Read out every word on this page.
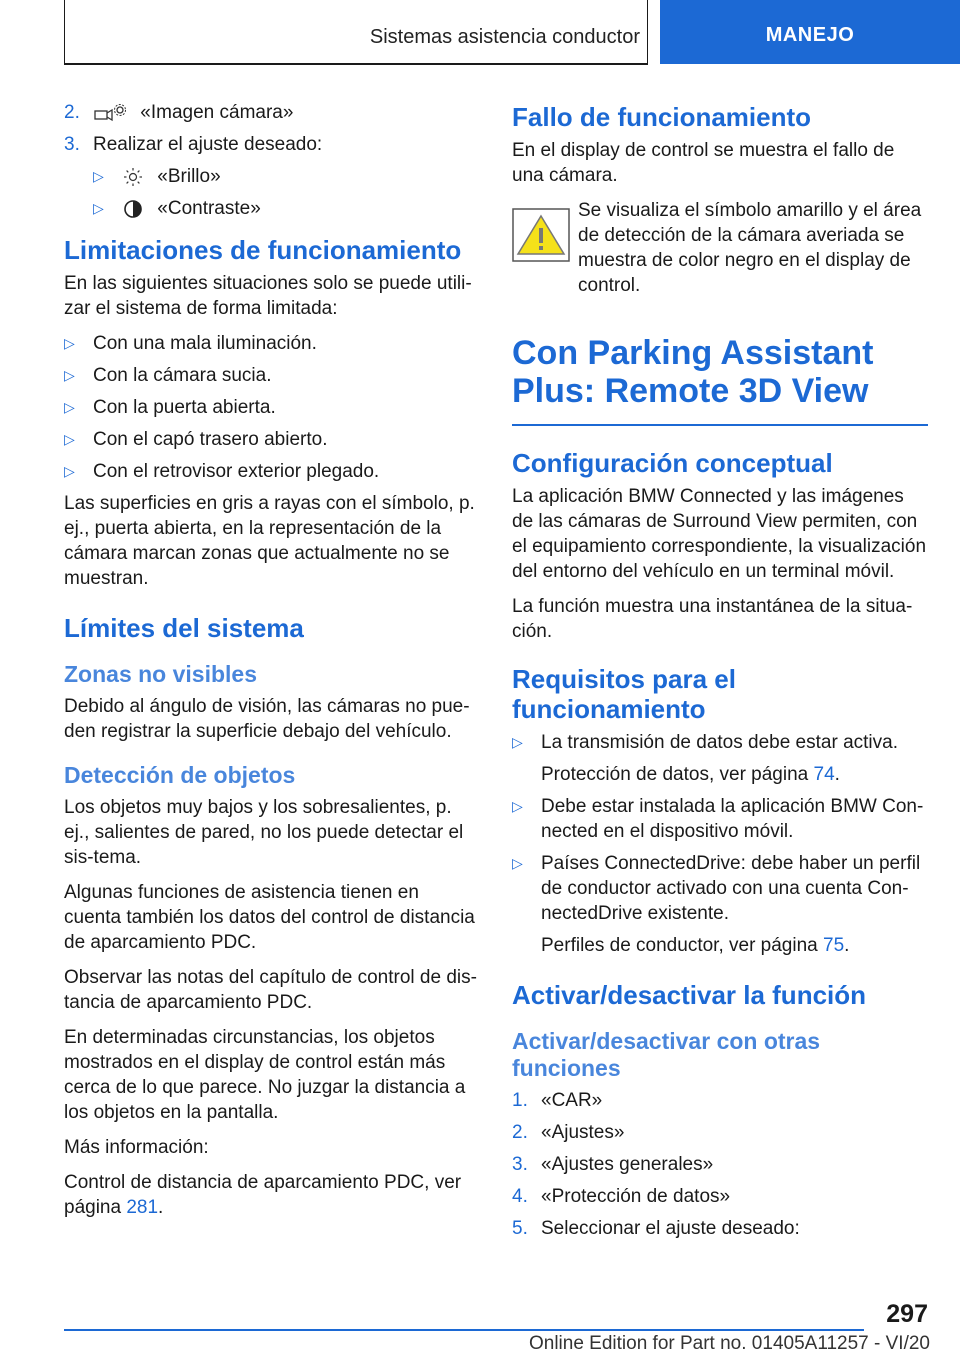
Sistemas asistencia conductor	MANEJO
2.	«Imagen cámara»
3. Realizar el ajuste deseado:
▷	«Brillo»
▷	«Contraste»
Limitaciones de funcionamiento

En las siguientes situaciones solo se puede utili‐zar el sistema de forma limitada:

▷ Con una mala iluminación.
▷ Con la cámara sucia.
▷ Con la puerta abierta.
▷ Con el capó trasero abierto.
▷ Con el retrovisor exterior plegado.

Las superficies en gris a rayas con el símbolo, p. ej., puerta abierta, en la representación de la cámara marcan zonas que actualmente no se muestran.

Límites del sistema
Zonas no visibles

Debido al ángulo de visión, las cámaras no pue‐den registrar la superficie debajo del vehículo.

Detección de objetos

Los objetos muy bajos y los sobresalientes, p. ej., salientes de pared, no los puede detectar el sis‐tema.

Algunas funciones de asistencia tienen en cuenta también los datos del control de distancia de aparcamiento PDC.

Observar las notas del capítulo de control de dis‐tancia de aparcamiento PDC.

En determinadas circunstancias, los objetos mostrados en el display de control están más cerca de lo que parece. No juzgar la distancia a los objetos en la pantalla.

Más información:

Control de distancia de aparcamiento PDC, ver página 281.

Fallo de funcionamiento

En el display de control se muestra el fallo de una cámara.

Se visualiza el símbolo amarillo y el área de detección de la cámara averiada se muestra de color negro en el display de control.

Con Parking Assistant
Plus: Remote 3D View
Configuración conceptual

La aplicación BMW Connected y las imágenes de las cámaras de Surround View permiten, con el equipamiento correspondiente, la visualización del entorno del vehículo en un terminal móvil.

La función muestra una instantánea de la situa‐ción.

Requisitos para el
funcionamiento
▷ La transmisión de datos debe estar activa.
Protección de datos, ver página 74.
▷ Debe estar instalada la aplicación BMW Con‐nected en el dispositivo móvil.
▷ Países ConnectedDrive: debe haber un perfil de conductor activado con una cuenta Con‐nectedDrive existente.
Perfiles de conductor, ver página 75.
Activar/desactivar la función
Activar/desactivar con otras
funciones
1. «CAR»
2. «Ajustes»
3. «Ajustes generales»
4. «Protección de datos»
5. Seleccionar el ajuste deseado:
297
Online Edition for Part no. 01405A11257 - VI/20
